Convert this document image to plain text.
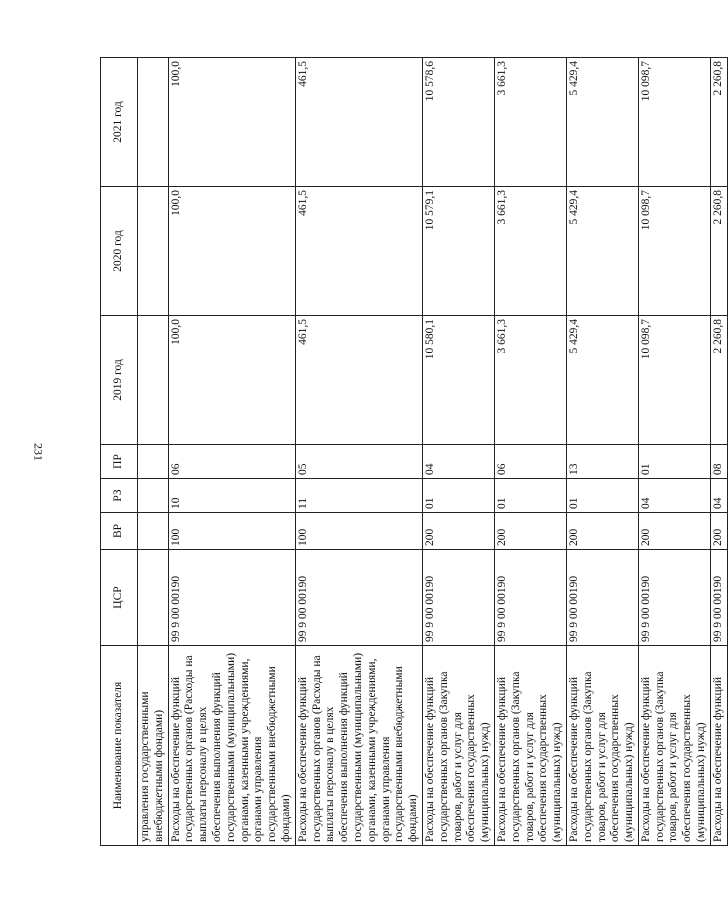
231
Наименование показателя	ЦСР	ВР	РЗ	ПР	2019 год	2020 год	2021 год
управления государственными внебюджетными фондами)							
Расходы на обеспечение функций государственных органов (Расходы на выплаты персоналу в целях обеспечения выполнения функций государственными (муниципальными) органами, казенными учреждениями, органами управления государственными внебюджетными фондами)	99 9 00 00190	100	10	06	100,0	100,0	100,0
Расходы на обеспечение функций государственных органов (Расходы на выплаты персоналу в целях обеспечения выполнения функций государственными (муниципальными) органами, казенными учреждениями, органами управления государственными внебюджетными фондами)	99 9 00 00190	100	11	05	461,5	461,5	461,5
Расходы на обеспечение функций государственных органов (Закупка товаров, работ и услуг для обеспечения государственных (муниципальных) нужд)	99 9 00 00190	200	01	04	10 580,1	10 579,1	10 578,6
Расходы на обеспечение функций государственных органов (Закупка товаров, работ и услуг для обеспечения государственных (муниципальных) нужд)	99 9 00 00190	200	01	06	3 661,3	3 661,3	3 661,3
Расходы на обеспечение функций государственных органов (Закупка товаров, работ и услуг для обеспечения государственных (муниципальных) нужд)	99 9 00 00190	200	01	13	5 429,4	5 429,4	5 429,4
Расходы на обеспечение функций государственных органов (Закупка товаров, работ и услуг для обеспечения государственных (муниципальных) нужд)	99 9 00 00190	200	04	01	10 098,7	10 098,7	10 098,7
Расходы на обеспечение функций	99 9 00 00190	200	04	08	2 260,8	2 260,8	2 260,8
